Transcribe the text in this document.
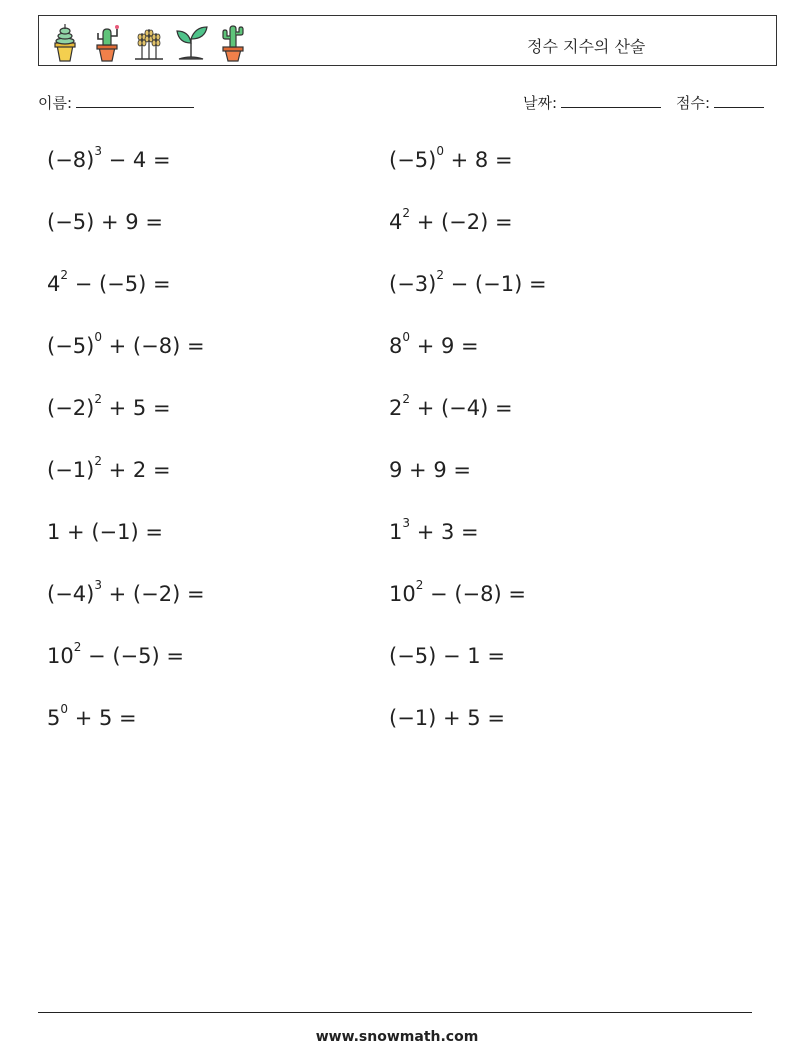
정수 지수의 산술
이름:	날짜:	점수:
$(-8)^3 - 4$ =	$(-5)^0 + 8$ =
(−5) + 9 =	$4^2 + (-2)$ =
$4^2 - (-5)$ =	$(-3)^2 - (-1)$ =
$(-5)^0 + (-8)$ =	$8^0 + 9$ =
$(-2)^2 + 5$ =	$2^2 + (-4)$ =
$(-1)^2 + 2$ =	9 + 9 =
1 + (−1) =	$1^3 + 3$ =
$(-4)^3 + (-2)$ =	$10^2 - (-8)$ =
$10^2 - (-5)$ =	(−5) − 1 =
$5^0 + 5$ =	(−1) + 5 =
www.snowmath.com
